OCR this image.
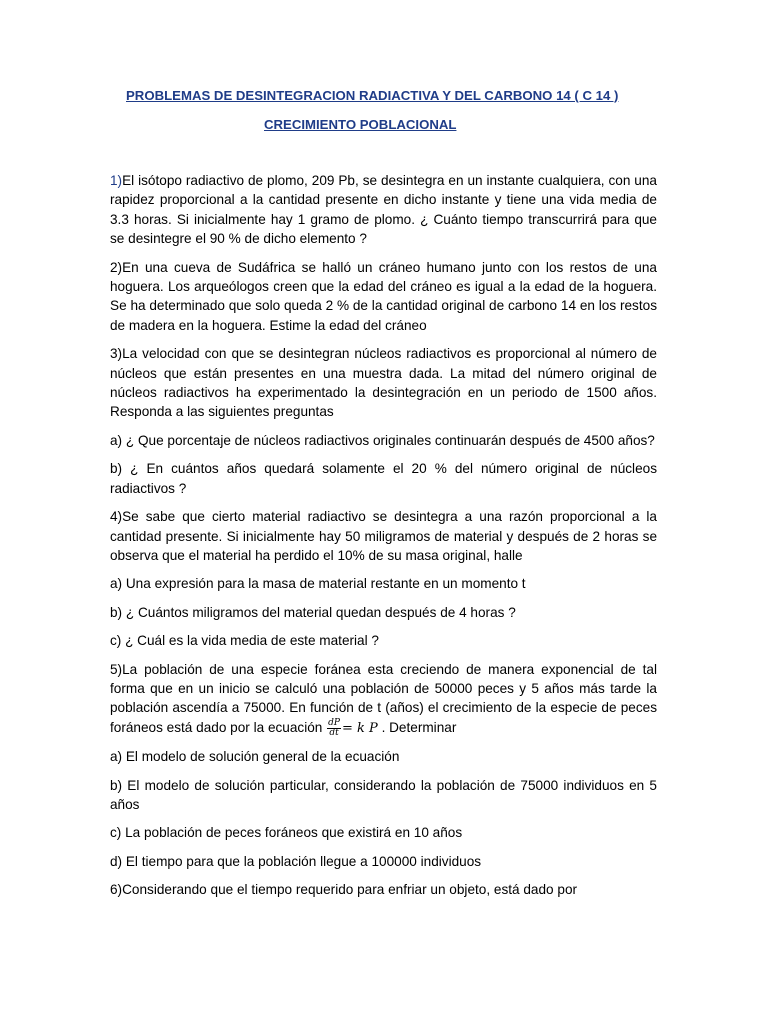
PROBLEMAS DE DESINTEGRACION RADIACTIVA Y DEL CARBONO 14 ( C 14 )
CRECIMIENTO POBLACIONAL

1)El isótopo radiactivo de plomo, 209 Pb, se desintegra en un instante cualquiera, con una rapidez proporcional a la cantidad presente en dicho instante y tiene una vida media de 3.3 horas. Si inicialmente hay 1 gramo de plomo. ¿ Cuánto tiempo transcurrirá para que se desintegre el 90 % de dicho elemento ?

2)En una cueva de Sudáfrica se halló un cráneo humano junto con los restos de una hoguera. Los arqueólogos creen que la edad del cráneo es igual a la edad de la hoguera. Se ha determinado que solo queda 2 % de la cantidad original de carbono 14 en los restos de madera en la hoguera. Estime la edad del cráneo

3)La velocidad con que se desintegran núcleos radiactivos es proporcional al número de núcleos que están presentes en una muestra dada. La mitad del número original de núcleos radiactivos ha experimentado la desintegración en un periodo de 1500 años. Responda a las siguientes preguntas

a) ¿ Que porcentaje de núcleos radiactivos originales continuarán después de 4500 años?

b) ¿ En cuántos años quedará solamente el 20 % del número original de núcleos radiactivos ?

4)Se sabe que cierto material radiactivo se desintegra a una razón proporcional a la cantidad presente. Si inicialmente hay 50 miligramos de material y después de 2 horas se observa que el material ha perdido el 10% de su masa original, halle

a) Una expresión para la masa de material restante en un momento t

b) ¿ Cuántos miligramos del material quedan después de 4 horas ?

c) ¿ Cuál es la vida media de este material ?

5)La población de una especie foránea esta creciendo de manera exponencial de tal forma que en un inicio se calculó una población de 50000 peces y 5 años más tarde la población ascendía a 75000. En función de t (años) el crecimiento de la especie de peces foráneos está dado por la ecuación $\frac{dP}{dt} = k$ P . Determinar

a) El modelo de solución general de la ecuación

b) El modelo de solución particular, considerando la población de 75000 individuos en 5 años

c) La población de peces foráneos que existirá en 10 años

d) El tiempo para que la población llegue a 100000 individuos

6)Considerando que el tiempo requerido para enfriar un objeto, está dado por
